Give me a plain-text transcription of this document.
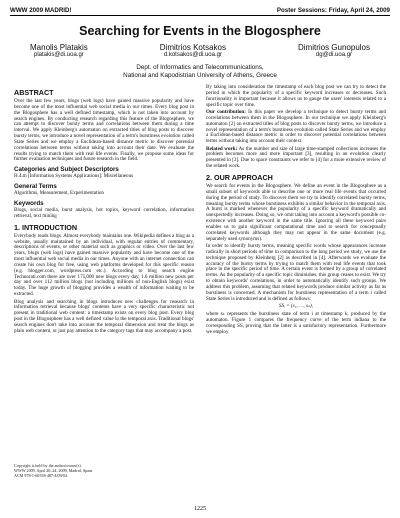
WWW 2009 MADRID!	Poster Sessions: Friday, April 24, 2009
Searching for Events in the Blogosphere
Manolis Platakis
platakis@di.uoa.gr
Dimitrios Kotsakos
d.kotsakos@di.uoa.gr
Dimitrios Gunopulos
dg@di.uoa.gr
Dept. of Informatics and Telecommunications,
National and Kapodistrian University of Athens, Greece
ABSTRACT

Over the last few years, blogs (web logs) have gained massive popularity and have become one of the most influential web social media in our times. Every blog post in the Blogosphere has a well defined timestamp, which is not taken into account by search engines. By conducting research regarding this feature of the Blogosphere, we can attempt to discover bursty terms and correlations between them during a time interval. We apply Kleinberg's automaton on extracted titles of blog posts to discover bursty terms, we introduce a novel representation of a term's burstiness evolution called State Series and we employ a Euclidean-based distance metric to discover potential correlations between terms without taking into account their date. We evaluate the results trying to match them with real life events. Finally, we propose some ideas for further evaluation techniques and future research in the field.

Categories and Subject Descriptors

H.4.m [Information Systems Applications]: Miscellaneous

General Terms

Algorithms, Measurement, Experimentation

Keywords

Blogs, social media, burst analysis, hot topics, keyword correlation, information retrieval, text mining

1. INTRODUCTION

Everybody reads blogs. Almost everybody maintains one. Wikipedia defines a blog as a website, usually maintained by an individual, with regular entries of commentary, descriptions of events, or other material such as graphics or video. Over the last few years, blogs (web logs) have gained massive popularity and have become one of the most influential web social media in our times. Anyone with an internet connection can create his own blog for free, using web platforms developed for this specific reason (e.g. blogger.com, wordpress.com etc.). According to blog search engine Technorati.com there are over 175,000 new blogs every day, 1.6 million new posts per day and over 112 million blogs (not including millions of non-English blogs) exist today. The huge growth of blogging provides a wealth of information waiting to be extracted.

Blog analysis and searching in blogs introduces new challenges for research in information retrieval because blogs' contents have a very specific characteristic not present in traditional web content: a timestamp exists on every blog post. Every blog post in the Blogosphere has a well defined value in the temporal axis. Traditional blogs' search engines don't take into account the temporal dimension and treat the blogs as plain web content, or just pay attention to the category tags that may accompany a post.

Copyright is held by the author/owner(s).
WWW 2009, April 20–24, 2009, Madrid, Spain.
ACM 978-1-60558-487-4/09/04.

By taking into consideration the timestamp of each blog post we can try to detect the period in which the popularity of a specific keyword increases or decreases. Such functionality is important because it allows us to gauge the users' interests related to a specific topic over time.

Our contribution: In this paper we develop a technique to detect bursty terms and correlations between them in the Blogosphere. In our technique we apply Kleinberg's automaton [2] on extracted titles of blog posts to discover bursty terms, we introduce a novel representation of a term's burstiness evolution called State Series and we employ a Euclidean-based distance metric in order to discover potential correlations between terms without taking into account their context.

Related work: As the number and size of large time-stamped collections increases the problem becomes more and more important [3], resulting in an evolution clearly presented in [3]. Due to space constraints we refer to [4] for a more extensive review of the related work.

2. OUR APPROACH

We search for events in the Blogosphere. We define an event in the Blogosphere as a small subset of keywords able to describe one or more real life events that occurred during the period of study. To discover them we try to identify correlated bursty terms, meaning bursty terms whose burstiness exhibits a similar behavior in the temporal axis. A burst is marked whenever the popularity of a specific keyword dramatically and unexpectedly increases. Doing so, we omit taking into account a keyword's possible co-existence with another keyword in the same title. Ignoring all these keyword pairs enables us to gain significant computational time and to search for conceptually correlated keywords although they may not appear in the same document (e.g. separately used synonyms).

In order to identify bursty terms, meaning specific words whose appearances increase radically in short periods of time in comparison to the long period we study, we use the technique proposed by Kleinberg [2] as described in [4]. Afterwards we evaluate the accuracy of the bursty terms by trying to match them with real life events that took place in the specific period of time. A certain event is formed by a group of correlated terms. As the popularity of a specific topic diminishes, this group ceases to exist. We try to obtain keywords' correlations, in order to automatically identify such groups. We address this problem, assuming that related keywords produce similar activity as far as burstiness is concerned. A mechanism for burstiness representation of a term i called State Series is introduced and is defined as follows:

SSᵢ = (s₁, …, sₙ),

where sₖ represents the burstiness state of term i at timestamp k, produced by the automaton. Figure 1 compares the frequency curve of the term indiana to the corresponding SSᵢ proving that the latter is a satisfactory representation. Furthermore we employ

1225
